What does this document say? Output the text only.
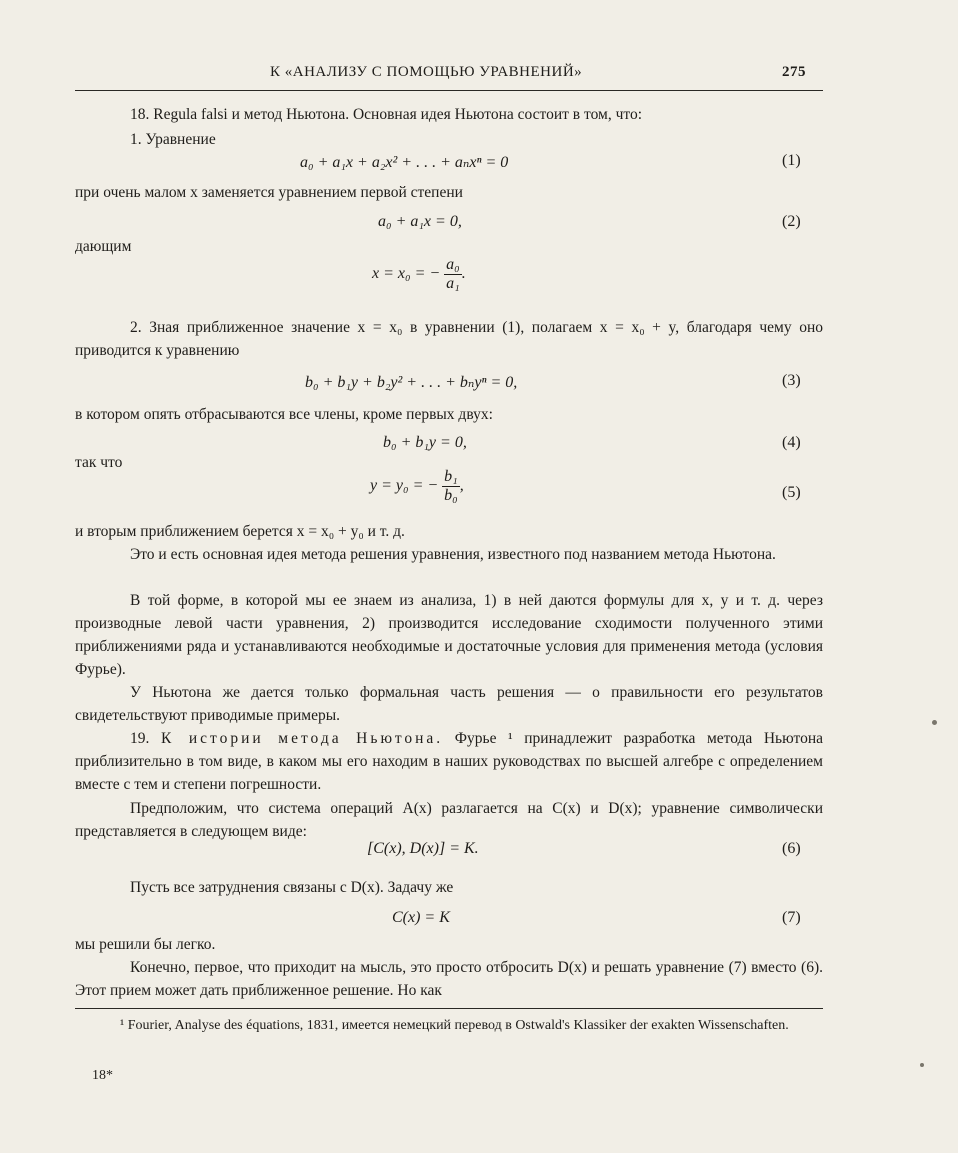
К «АНАЛИЗУ С ПОМОЩЬЮ УРАВНЕНИЙ»	275
18. Regula falsi и метод Ньютона. Основная идея Ньютона состоит в том, что:
1. Уравнение
a₀ + a₁x + a₂x² + . . . + aₙxⁿ = 0	(1)
при очень малом x заменяется уравнением первой степени
a₀ + a₁x = 0,	(2)
дающим
x = x₀ = − $\frac{\text{a₀}}{\text{a₁}}$ .
2. Зная приближенное значение x = x₀ в уравнении (1), полагаем x = x₀ + y, благодаря чему оно приводится к уравнению
b₀ + b₁y + b₂y² + . . . + bₙyⁿ = 0,	(3)
в котором опять отбрасываются все члены, кроме первых двух:
b₀ + b₁y = 0,	(4)
так что
y = y₀ = − $\frac{\text{b₁}}{\text{b₀}}$ ,	(5)
и вторым приближением берется x = x₀ + y₀ и т. д.
Это и есть основная идея метода решения уравнения, известного под названием метода Ньютона.
В той форме, в которой мы ее знаем из анализа, 1) в ней даются формулы для x, y и т. д. через производные левой части уравнения, 2) производится исследование сходимости полученного этими приближениями ряда и устанавливаются необходимые и достаточные условия для применения метода (условия Фурье).
У Ньютона же дается только формальная часть решения — о правильности его результатов свидетельствуют приводимые примеры.
19. К истории метода Ньютона. Фурье ¹ принадлежит разработка метода Ньютона приблизительно в том виде, в каком мы его находим в наших руководствах по высшей алгебре с определением вместе с тем и степени погрешности.
Предположим, что система операций A(x) разлагается на C(x) и D(x); уравнение символически представляется в следующем виде:
[C(x), D(x)] = K.	(6)
Пусть все затруднения связаны с D(x). Задачу же
C(x) = K	(7)
мы решили бы легко.
Конечно, первое, что приходит на мысль, это просто отбросить D(x) и решать уравнение (7) вместо (6). Этот прием может дать приближенное решение. Но как
¹ Fourier, Analyse des équations, 1831, имеется немецкий перевод в Ostwald's Klassiker der exakten Wissenschaften.
18*
